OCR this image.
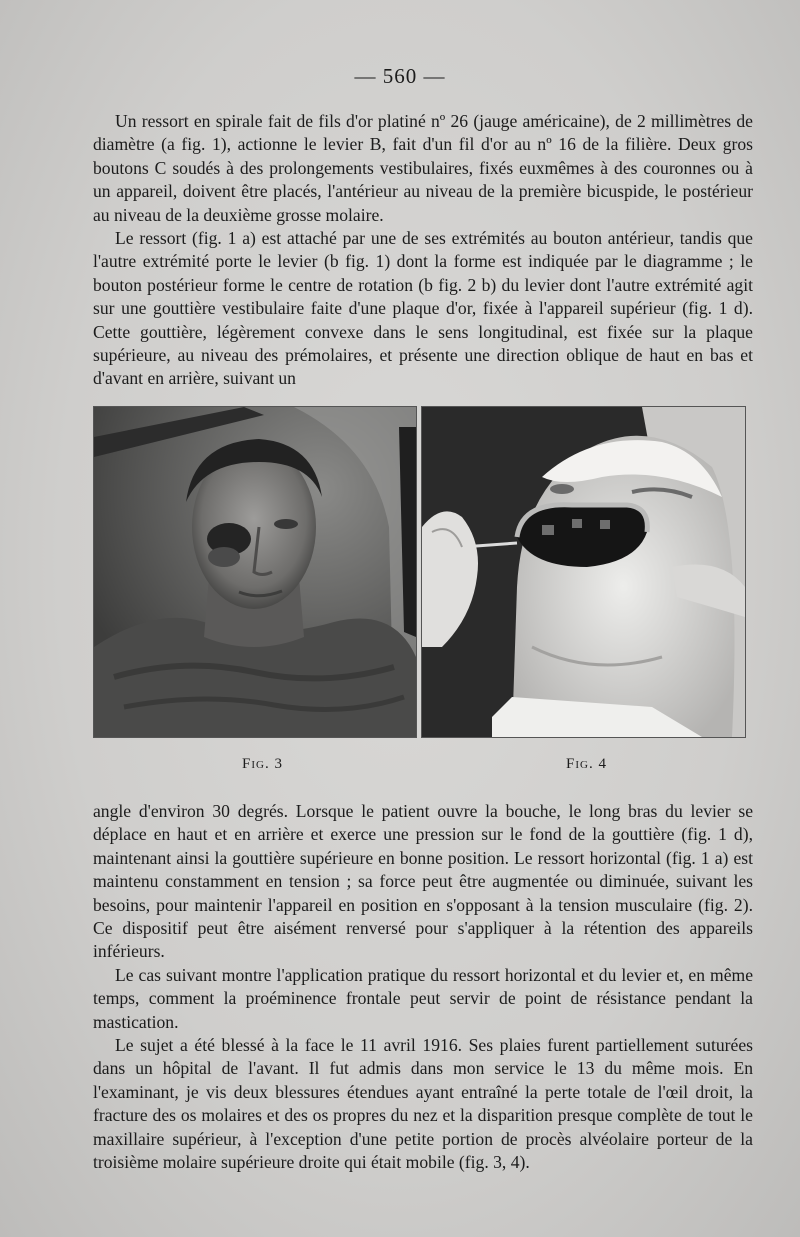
— 560 —

Un ressort en spirale fait de fils d'or platiné nº 26 (jauge américaine), de 2 millimètres de diamètre (a fig. 1), actionne le levier B, fait d'un fil d'or au nº 16 de la filière. Deux gros boutons C soudés à des prolongements vestibulaires, fixés euxmêmes à des couronnes ou à un appareil, doivent être placés, l'antérieur au niveau de la première bicuspide, le postérieur au niveau de la deuxième grosse molaire.

Le ressort (fig. 1 a) est attaché par une de ses extrémités au bouton antérieur, tandis que l'autre extrémité porte le levier (b fig. 1) dont la forme est indiquée par le diagramme ; le bouton postérieur forme le centre de rotation (b fig. 2 b) du levier dont l'autre extrémité agit sur une gouttière vestibulaire faite d'une plaque d'or, fixée à l'appareil supérieur (fig. 1 d). Cette gouttière, légèrement convexe dans le sens longitudinal, est fixée sur la plaque supérieure, au niveau des prémolaires, et présente une direction oblique de haut en bas et d'avant en arrière, suivant un

Fig. 3	Fig. 4

angle d'environ 30 degrés. Lorsque le patient ouvre la bouche, le long bras du levier se déplace en haut et en arrière et exerce une pression sur le fond de la gouttière (fig. 1 d), maintenant ainsi la gouttière supérieure en bonne position. Le ressort horizontal (fig. 1 a) est maintenu constamment en tension ; sa force peut être augmentée ou diminuée, suivant les besoins, pour maintenir l'appareil en position en s'opposant à la tension musculaire (fig. 2). Ce dispositif peut être aisément renversé pour s'appliquer à la rétention des appareils inférieurs.

Le cas suivant montre l'application pratique du ressort horizontal et du levier et, en même temps, comment la proéminence frontale peut servir de point de résistance pendant la mastication.

Le sujet a été blessé à la face le 11 avril 1916. Ses plaies furent partiellement suturées dans un hôpital de l'avant. Il fut admis dans mon service le 13 du même mois. En l'examinant, je vis deux blessures étendues ayant entraîné la perte totale de l'œil droit, la fracture des os molaires et des os propres du nez et la disparition presque complète de tout le maxillaire supérieur, à l'exception d'une petite portion de procès alvéolaire porteur de la troisième molaire supérieure droite qui était mobile (fig. 3, 4).
